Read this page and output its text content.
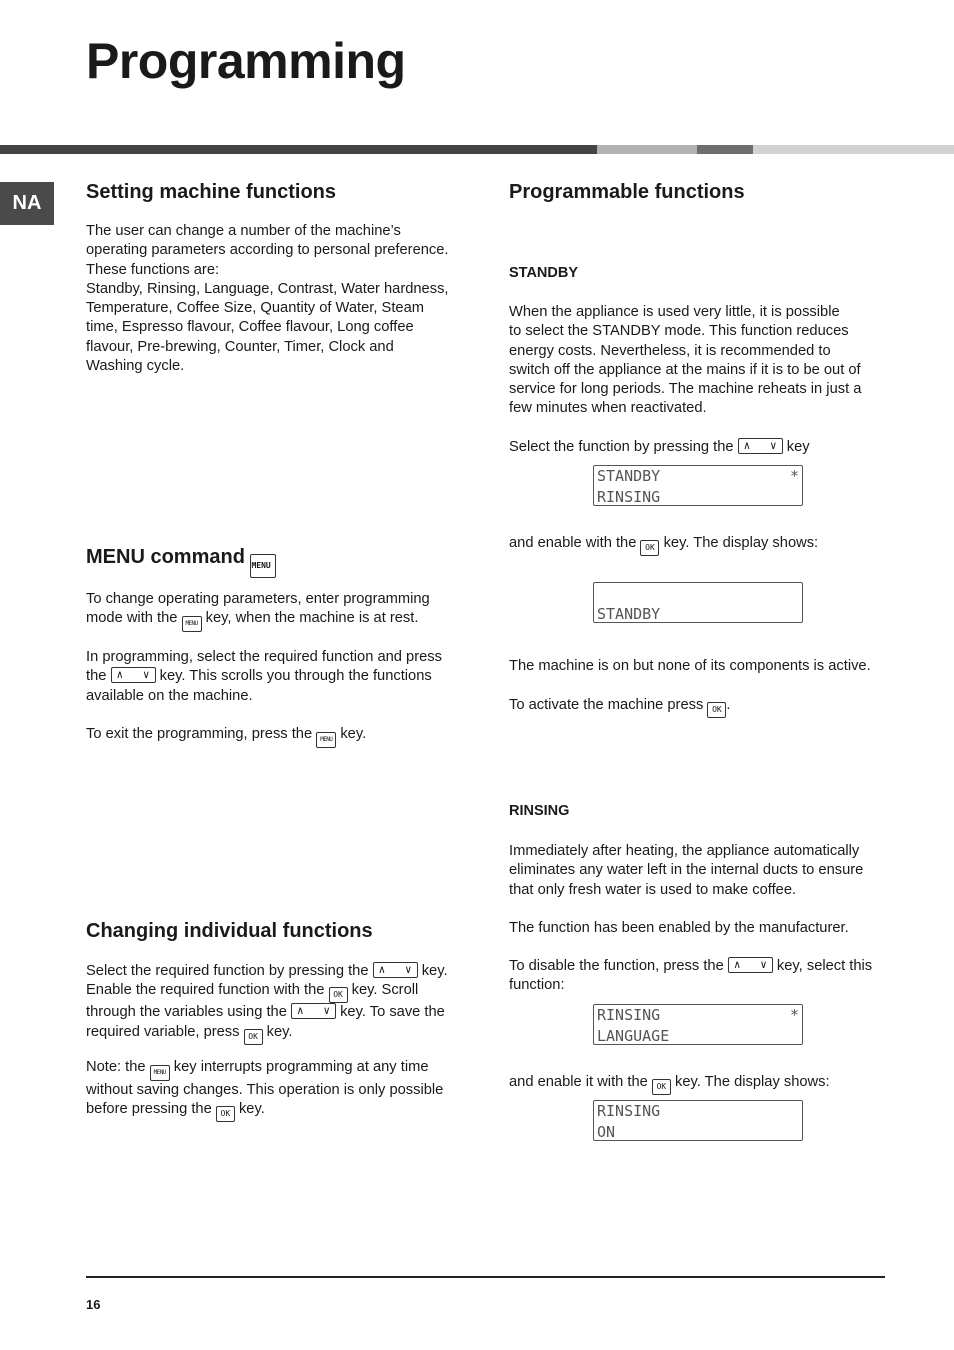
Programming
NA	Setting machine functions

The user can change a number of the machine’s
operating parameters according to personal preference.
These functions are:
Standby, Rinsing, Language, Contrast, Water hardness,
Temperature, Coffee Size, Quantity of Water, Steam
time, Espresso flavour, Coffee flavour, Long coffee
flavour, Pre-brewing, Counter, Timer, Clock and
Washing cycle.

MENU command MENU

To change operating parameters, enter programming
mode with the MENU key, when the machine is at rest.

In programming, select the required function and press
the ∧ ∨ key. This scrolls you through the functions
available on the machine.

To exit the programming, press the MENU key.

Changing individual functions

Select the required function by pressing the ∧ ∨ key.
Enable the required function with the OK key. Scroll
through the variables using the ∧ ∨ key. To save the
required variable, press OK key.

Note: the MENU key interrupts programming at any time
without saving changes. This operation is only possible
before pressing the OK key.

Programmable functions
STANDBY

When the appliance is used very little, it is possible
to select the STANDBY mode. This function reduces
energy costs. Nevertheless, it is recommended to
switch off the appliance at the mains if it is to be out of
service for long periods. The machine reheats in just a
few minutes when reactivated.

Select the function by pressing the ∧ ∨ key

STANDBY	*
RINSING

and enable with the OK key. The display shows:

STANDBY

The machine is on but none of its components is active.

To activate the machine press OK .

RINSING

Immediately after heating, the appliance automatically
eliminates any water left in the internal ducts to ensure
that only fresh water is used to make coffee.

The function has been enabled by the manufacturer.

To disable the function, press the ∧ ∨ key, select this
function:

RINSING	*
LANGUAGE

and enable it with the OK key. The display shows:

RINSING
ON
16
